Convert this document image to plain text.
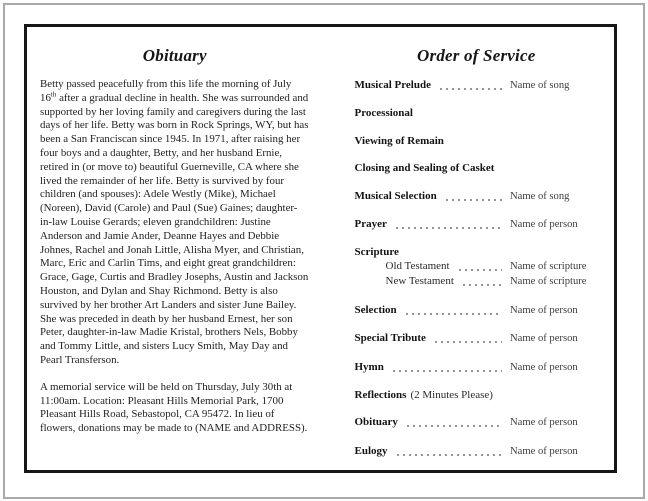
Obituary

Betty passed peacefully from this life the morning of July 16th after a gradual decline in health. She was surrounded and supported by her loving family and caregivers during the last days of her life. Betty was born in Rock Springs, WY, but has been a San Franciscan since 1945. In 1971, after raising her four boys and a daughter, Betty, and her husband Ernie, retired in (or move to) beautiful Guerneville, CA where she lived the remainder of her life. Betty is survived by four children (and spouses): Adele Westly (Mike), Michael (Noreen), David (Carole) and Paul (Sue) Gaines; daughter-in-law Louise Gerards; eleven grandchildren: Justine Anderson and Jamie Ander, Deanne Hayes and Debbie Johnes, Rachel and Jonah Little, Alisha Myer, and Christian, Marc, Eric and Carlin Tims, and eight great grandchildren: Grace, Gage, Curtis and Bradley Josephs, Austin and Jackson Houston, and Dylan and Shay Richmond. Betty is also survived by her brother Art Landers and sister June Bailey. She was preceded in death by her husband Ernest, her son Peter, daughter-in-law Madie Kristal, brothers Nels, Bobby and Tommy Little, and sisters Lucy Smith, May Day and Pearl Transferson.

A memorial service will be held on Thursday, July 30th at 11:00am. Location: Pleasant Hills Memorial Park, 1700 Pleasant Hills Road, Sebastopol, CA 95472. In lieu of flowers, donations may be made to (NAME and ADDRESS).

Order of Service
Musical Prelude	Name of song
Processional
Viewing of Remain
Closing and Sealing of Casket
Musical Selection	Name of song
Prayer	Name of person
Scripture
Old Testament	Name of scripture
New Testament	Name of scripture
Selection	Name of person
Special Tribute	Name of person
Hymn	Name of person
Reflections (2 Minutes Please)
Obituary	Name of person
Eulogy	Name of person
